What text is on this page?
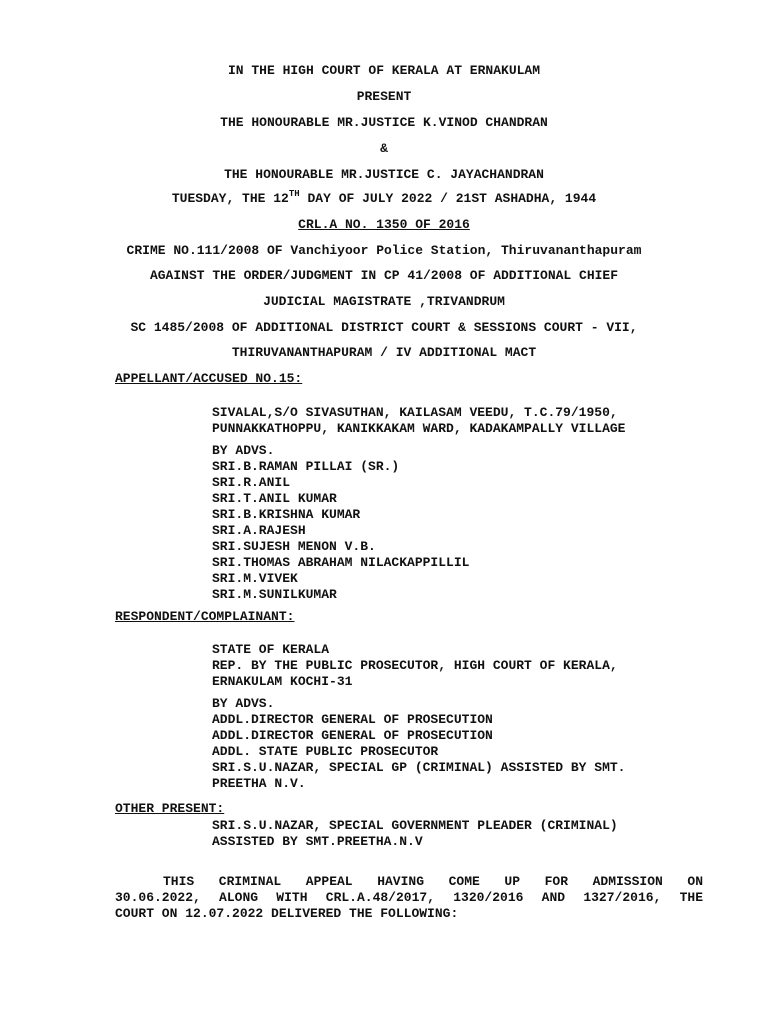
IN THE HIGH COURT OF KERALA AT ERNAKULAM
PRESENT
THE HONOURABLE MR.JUSTICE K.VINOD CHANDRAN
&
THE HONOURABLE MR.JUSTICE C. JAYACHANDRAN
TUESDAY, THE 12TH DAY OF JULY 2022 / 21ST ASHADHA, 1944
CRL.A NO. 1350 OF 2016
CRIME NO.111/2008 OF Vanchiyoor Police Station, Thiruvananthapuram
AGAINST THE ORDER/JUDGMENT IN CP 41/2008 OF ADDITIONAL CHIEF
JUDICIAL MAGISTRATE ,TRIVANDRUM
SC 1485/2008 OF ADDITIONAL DISTRICT COURT & SESSIONS COURT - VII,
THIRUVANANTHAPURAM / IV ADDITIONAL MACT
APPELLANT/ACCUSED NO.15:
SIVALAL,S/O SIVASUTHAN, KAILASAM VEEDU, T.C.79/1950,
PUNNAKKATHOPPU, KANIKKAKAM WARD, KADAKAMPALLY VILLAGE
BY ADVS.
SRI.B.RAMAN PILLAI (SR.)
SRI.R.ANIL
SRI.T.ANIL KUMAR
SRI.B.KRISHNA KUMAR
SRI.A.RAJESH
SRI.SUJESH MENON V.B.
SRI.THOMAS ABRAHAM NILACKAPPILLIL
SRI.M.VIVEK
SRI.M.SUNILKUMAR
RESPONDENT/COMPLAINANT:
STATE OF KERALA
REP. BY THE PUBLIC PROSECUTOR, HIGH COURT OF KERALA,
ERNAKULAM KOCHI-31
BY ADVS.
ADDL.DIRECTOR GENERAL OF PROSECUTION
ADDL.DIRECTOR GENERAL OF PROSECUTION
ADDL. STATE PUBLIC PROSECUTOR
SRI.S.U.NAZAR, SPECIAL GP (CRIMINAL) ASSISTED BY SMT.
PREETHA N.V.
OTHER PRESENT:
SRI.S.U.NAZAR, SPECIAL GOVERNMENT PLEADER (CRIMINAL)
ASSISTED BY SMT.PREETHA.N.V
THIS CRIMINAL APPEAL HAVING COME UP FOR ADMISSION ON
30.06.2022, ALONG WITH CRL.A.48/2017, 1320/2016 AND 1327/2016, THE
COURT ON 12.07.2022 DELIVERED THE FOLLOWING:
